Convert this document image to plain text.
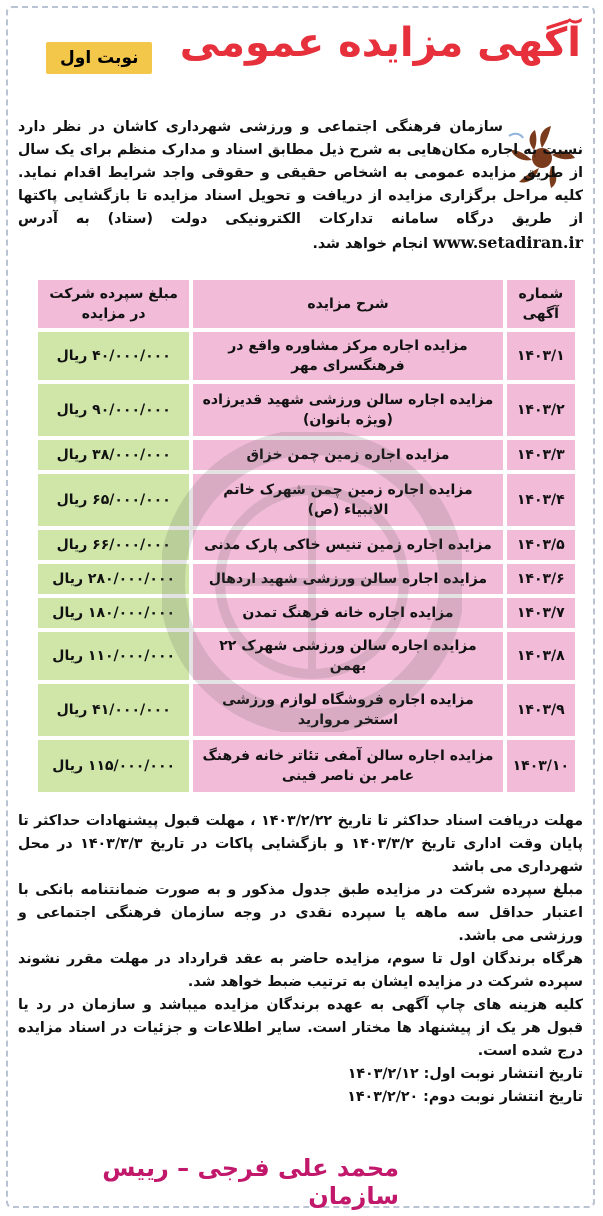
آگهی مزایده عمومی
نوبت اول
سازمان فرهنگی اجتماعی و ورزشی شهرداری کاشان در نظر دارد نسبت به اجاره مکان‌هایی به شرح ذیل مطابق اسناد و مدارک منظم برای یک سال از طریق مزایده عمومی به اشخاص حقیقی و حقوقی واجد شرایط اقدام نماید. کلیه مراحل برگزاری مزایده از دریافت و تحویل اسناد مزایده تا بازگشایی پاکتها از طریق درگاه سامانه تدارکات الکترونیکی دولت (ستاد) به آدرس www.setadiran.ir انجام خواهد شد.
شماره آگهی	شرح مزایده	مبلغ سپرده شرکت در مزایده
۱۴۰۳/۱	مزایده اجاره مرکز مشاوره واقع در فرهنگسرای مهر	۴۰/۰۰۰/۰۰۰ ریال
۱۴۰۳/۲	مزایده اجاره سالن ورزشی شهید قدیرزاده (ویژه بانوان)	۹۰/۰۰۰/۰۰۰ ریال
۱۴۰۳/۳	مزایده اجاره زمین چمن خزاق	۳۸/۰۰۰/۰۰۰ ریال
۱۴۰۳/۴	مزایده اجاره زمین چمن شهرک خاتم الانبیاء (ص)	۶۵/۰۰۰/۰۰۰ ریال
۱۴۰۳/۵	مزایده اجاره زمین تنیس خاکی پارک مدنی	۶۶/۰۰۰/۰۰۰ ریال
۱۴۰۳/۶	مزایده اجاره سالن ورزشی شهید اردهال	۲۸۰/۰۰۰/۰۰۰ ریال
۱۴۰۳/۷	مزایده اجاره خانه فرهنگ تمدن	۱۸۰/۰۰۰/۰۰۰ ریال
۱۴۰۳/۸	مزایده اجاره سالن ورزشی شهرک ۲۲ بهمن	۱۱۰/۰۰۰/۰۰۰ ریال
۱۴۰۳/۹	مزایده اجاره فروشگاه لوازم ورزشی استخر مروارید	۴۱/۰۰۰/۰۰۰ ریال
۱۴۰۳/۱۰	مزایده اجاره سالن آمفی تئاتر خانه فرهنگ عامر بن ناصر فینی	۱۱۵/۰۰۰/۰۰۰ ریال

مهلت دریافت اسناد حداکثر تا تاریخ ۱۴۰۳/۲/۲۲ ، مهلت قبول پیشنهادات حداکثر تا پایان وقت اداری تاریخ ۱۴۰۳/۳/۲ و بازگشایی پاکات در تاریخ ۱۴۰۳/۳/۳ در محل شهرداری می باشد

مبلغ سپرده شرکت در مزایده طبق جدول مذکور و به صورت ضمانتنامه بانکی با اعتبار حداقل سه ماهه یا سپرده نقدی در وجه سازمان فرهنگی اجتماعی و ورزشی می باشد.

هرگاه برندگان اول تا سوم، مزایده حاضر به عقد قرارداد در مهلت مقرر نشوند سپرده شرکت در مزایده ایشان به ترتیب ضبط خواهد شد.

کلیه هزینه های چاپ آگهی به عهده برندگان مزایده میباشد و سازمان در رد یا قبول هر یک از پیشنهاد ها مختار است. سایر اطلاعات و جزئیات در اسناد مزایده درج شده است.

تاریخ انتشار نوبت اول: ۱۴۰۳/۲/۱۲

تاریخ انتشار نوبت دوم: ۱۴۰۳/۲/۲۰

محمد علی فرجی – رییس سازمان
